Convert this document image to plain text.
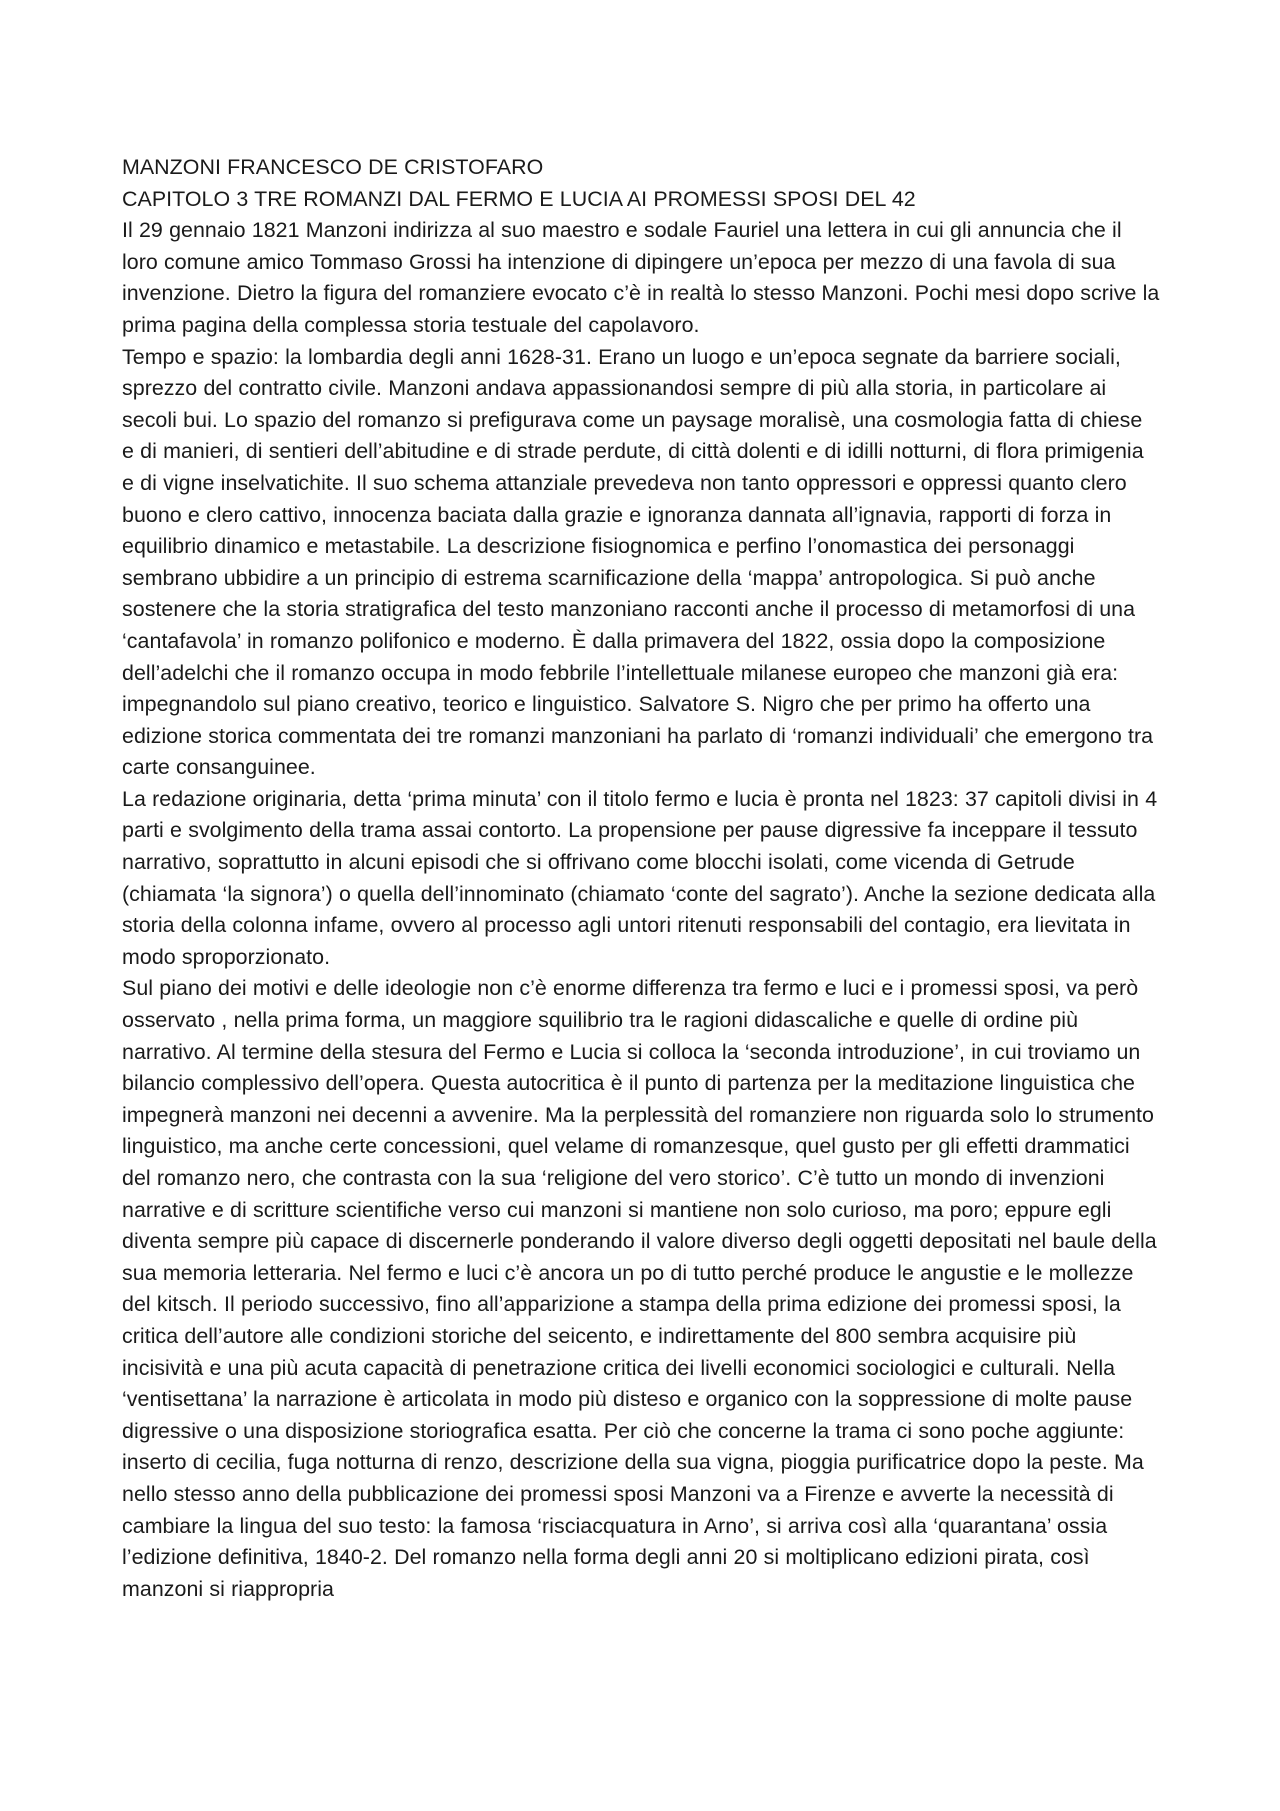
MANZONI FRANCESCO DE CRISTOFARO

CAPITOLO 3 TRE ROMANZI DAL FERMO E LUCIA AI PROMESSI SPOSI DEL 42

Il 29 gennaio 1821 Manzoni indirizza al suo maestro e sodale Fauriel una lettera in cui gli annuncia che il loro comune amico Tommaso Grossi ha intenzione di dipingere un’epoca per mezzo di una favola di sua invenzione. Dietro la figura del romanziere evocato c’è in realtà lo stesso Manzoni. Pochi mesi dopo scrive la prima pagina della complessa storia testuale del capolavoro.

Tempo e spazio: la lombardia degli anni 1628-31. Erano un luogo e un’epoca segnate da barriere sociali, sprezzo del contratto civile. Manzoni andava appassionandosi sempre di più alla storia, in particolare ai secoli bui. Lo spazio del romanzo si prefigurava come un paysage moralisè, una cosmologia fatta di chiese e di manieri, di sentieri dell’abitudine e di strade perdute, di città dolenti e di idilli notturni, di flora primigenia e di vigne inselvatichite. Il suo schema attanziale prevedeva non tanto oppressori e oppressi quanto clero buono e clero cattivo, innocenza baciata dalla grazie e ignoranza dannata all’ignavia, rapporti di forza in equilibrio dinamico e metastabile. La descrizione fisiognomica e perfino l’onomastica dei personaggi sembrano ubbidire a un principio di estrema scarnificazione della ‘mappa’ antropologica. Si può anche sostenere che la storia stratigrafica del testo manzoniano racconti anche il processo di metamorfosi di una ‘cantafavola’ in romanzo polifonico e moderno. È dalla primavera del 1822, ossia dopo la composizione dell’adelchi che il romanzo occupa in modo febbrile l’intellettuale milanese europeo che manzoni già era: impegnandolo sul piano creativo, teorico e linguistico. Salvatore S. Nigro che per primo ha offerto una edizione storica commentata dei tre romanzi manzoniani ha parlato di ‘romanzi individuali’ che emergono tra carte consanguinee.

La redazione originaria, detta ‘prima minuta’ con il titolo fermo e lucia è pronta nel 1823: 37 capitoli divisi in 4 parti e svolgimento della trama assai contorto. La propensione per pause digressive fa inceppare il tessuto narrativo, soprattutto in alcuni episodi che si offrivano come blocchi isolati, come vicenda di Getrude (chiamata ‘la signora’) o quella dell’innominato (chiamato ‘conte del sagrato’). Anche la sezione dedicata alla storia della colonna infame, ovvero al processo agli untori ritenuti responsabili del contagio, era lievitata in modo sproporzionato.

Sul piano dei motivi e delle ideologie non c’è enorme differenza tra fermo e luci e i promessi sposi, va però osservato , nella prima forma, un maggiore squilibrio tra le ragioni didascaliche e quelle di ordine più narrativo. Al termine della stesura del Fermo e Lucia si colloca la ‘seconda introduzione’, in cui troviamo un bilancio complessivo dell’opera. Questa autocritica è il punto di partenza per la meditazione linguistica che impegnerà manzoni nei decenni a avvenire. Ma la perplessità del romanziere non riguarda solo lo strumento linguistico, ma anche certe concessioni, quel velame di romanzesque, quel gusto per gli effetti drammatici del romanzo nero, che contrasta con la sua ‘religione del vero storico’. C’è tutto un mondo di invenzioni narrative e di scritture scientifiche verso cui manzoni si mantiene non solo curioso, ma poro; eppure egli diventa sempre più capace di discernerle ponderando il valore diverso degli oggetti depositati nel baule della sua memoria letteraria. Nel fermo e luci c’è ancora un po di tutto perché produce le angustie e le mollezze del kitsch. Il periodo successivo, fino all’apparizione a stampa della prima edizione dei promessi sposi, la critica dell’autore alle condizioni storiche del seicento, e indirettamente del 800 sembra acquisire più incisività e una più acuta capacità di penetrazione critica dei livelli economici sociologici e culturali. Nella ‘ventisettana’ la narrazione è articolata in modo più disteso e organico con la soppressione di molte pause digressive o una disposizione storiografica esatta. Per ciò che concerne la trama ci sono poche aggiunte: inserto di cecilia, fuga notturna di renzo, descrizione della sua vigna, pioggia purificatrice dopo la peste. Ma nello stesso anno della pubblicazione dei promessi sposi Manzoni va a Firenze e avverte la necessità di cambiare la lingua del suo testo: la famosa ‘risciacquatura in Arno’, si arriva così alla ‘quarantana’ ossia l’edizione definitiva, 1840-2. Del romanzo nella forma degli anni 20 si moltiplicano edizioni pirata, così manzoni si riappropria
